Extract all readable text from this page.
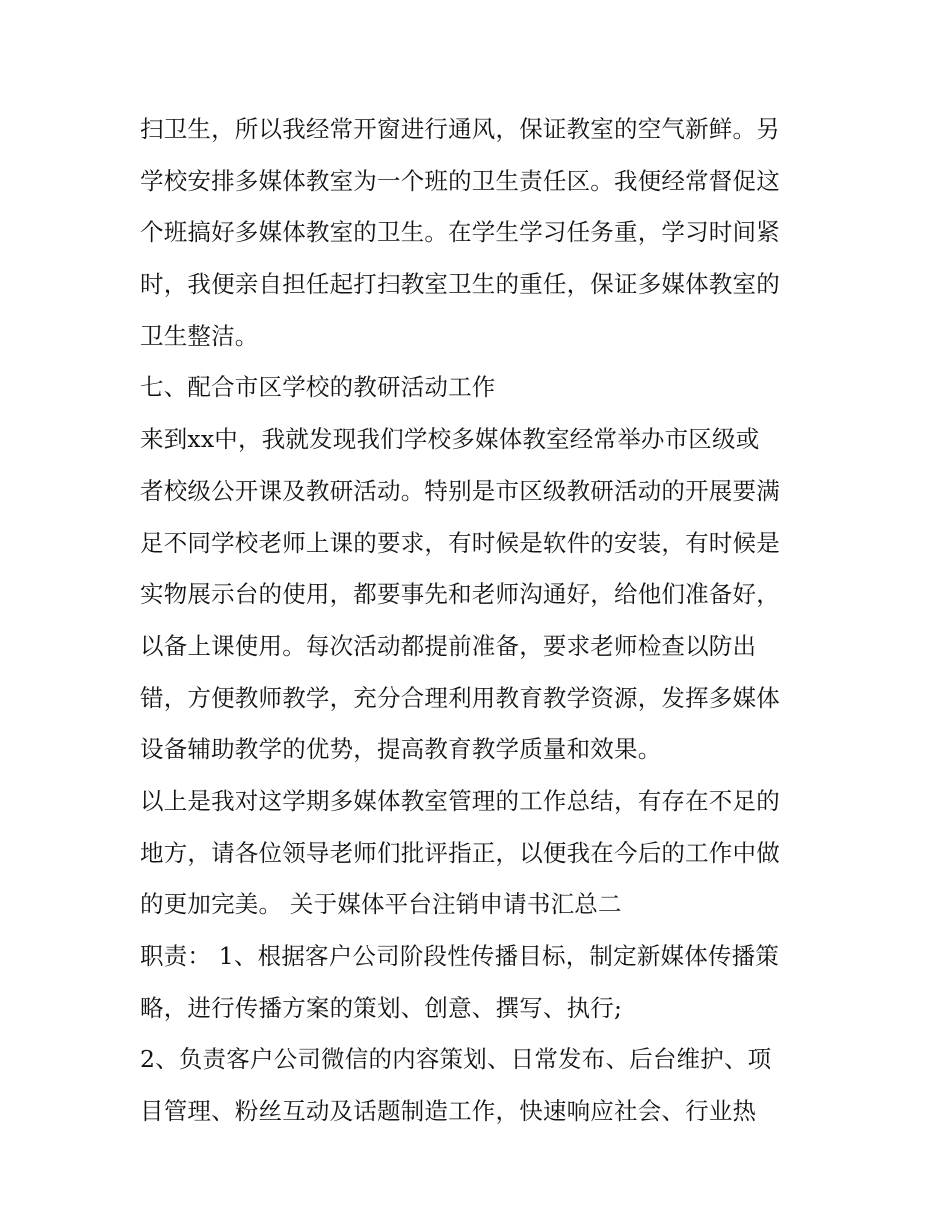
扫卫生，所以我经常开窗进行通风，保证教室的空气新鲜。另
学校安排多媒体教室为一个班的卫生责任区。我便经常督促这
个班搞好多媒体教室的卫生。在学生学习任务重，学习时间紧
时，我便亲自担任起打扫教室卫生的重任，保证多媒体教室的
卫生整洁。
七、配合市区学校的教研活动工作
来到xx中，我就发现我们学校多媒体教室经常举办市区级或
者校级公开课及教研活动。特别是市区级教研活动的开展要满
足不同学校老师上课的要求，有时候是软件的安装，有时候是
实物展示台的使用，都要事先和老师沟通好，给他们准备好，
以备上课使用。每次活动都提前准备，要求老师检查以防出
错，方便教师教学，充分合理利用教育教学资源，发挥多媒体
设备辅助教学的优势，提高教育教学质量和效果。
以上是我对这学期多媒体教室管理的工作总结，有存在不足的
地方，请各位领导老师们批评指正，以便我在今后的工作中做
的更加完美。 关于媒体平台注销申请书汇总二
职责： 1、根据客户公司阶段性传播目标，制定新媒体传播策
略，进行传播方案的策划、创意、撰写、执行;
2、负责客户公司微信的内容策划、日常发布、后台维护、项
目管理、粉丝互动及话题制造工作，快速响应社会、行业热
